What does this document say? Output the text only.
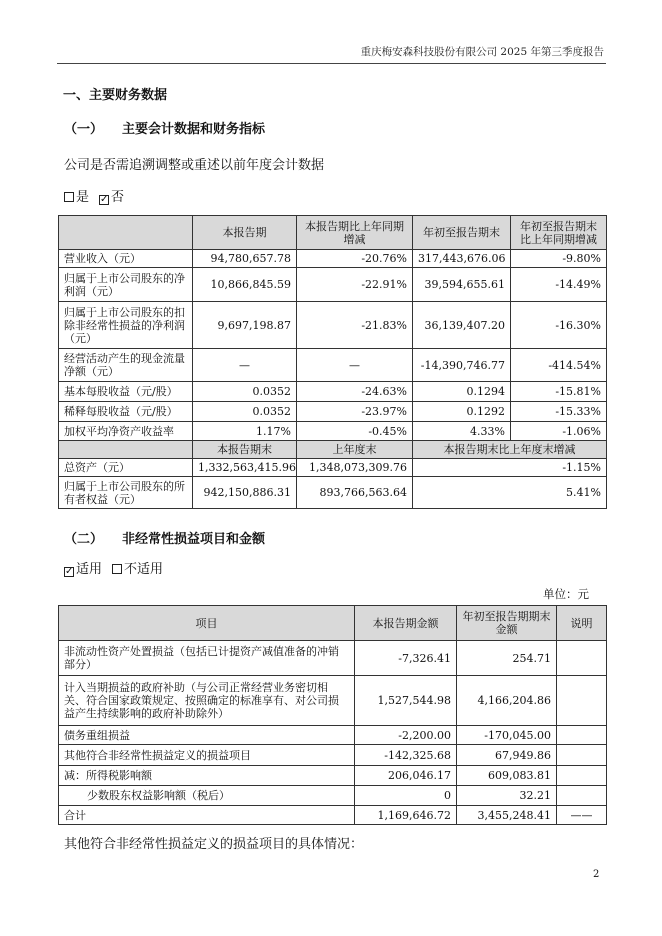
重庆梅安森科技股份有限公司 2025 年第三季度报告
一、主要财务数据
（一） 主要会计数据和财务指标
公司是否需追溯调整或重述以前年度会计数据
是 ✓ 否
	本报告期	本报告期比上年同期增减	年初至报告期末	年初至报告期末比上年同期增减
营业收入（元）	94,780,657.78	-20.76%	317,443,676.06	-9.80%
归属于上市公司股东的净利润（元）	10,866,845.59	-22.91%	39,594,655.61	-14.49%
归属于上市公司股东的扣除非经常性损益的净利润（元）	9,697,198.87	-21.83%	36,139,407.20	-16.30%
经营活动产生的现金流量净额（元）	—	—	-14,390,746.77	-414.54%
基本每股收益（元/股）	0.0352	-24.63%	0.1294	-15.81%
稀释每股收益（元/股）	0.0352	-23.97%	0.1292	-15.33%
加权平均净资产收益率	1.17%	-0.45%	4.33%	-1.06%
	本报告期末	上年度末	本报告期末比上年度末增减	
总资产（元）	1,332,563,415.96	1,348,073,309.76	-1.15%	
归属于上市公司股东的所有者权益（元）	942,150,886.31	893,766,563.64	5.41%	
（二） 非经常性损益项目和金额
✓ 适用 不适用
单位：元
项目	本报告期金额	年初至报告期期末金额	说明
非流动性资产处置损益（包括已计提资产减值准备的冲销部分）	-7,326.41	254.71	
计入当期损益的政府补助（与公司正常经营业务密切相关、符合国家政策规定、按照确定的标准享有、对公司损益产生持续影响的政府补助除外）	1,527,544.98	4,166,204.86	
债务重组损益	-2,200.00	-170,045.00	
其他符合非经常性损益定义的损益项目	-142,325.68	67,949.86	
减：所得税影响额	206,046.17	609,083.81	
少数股东权益影响额（税后）	0	32.21	
合计	1,169,646.72	3,455,248.41	——
其他符合非经常性损益定义的损益项目的具体情况：
2
